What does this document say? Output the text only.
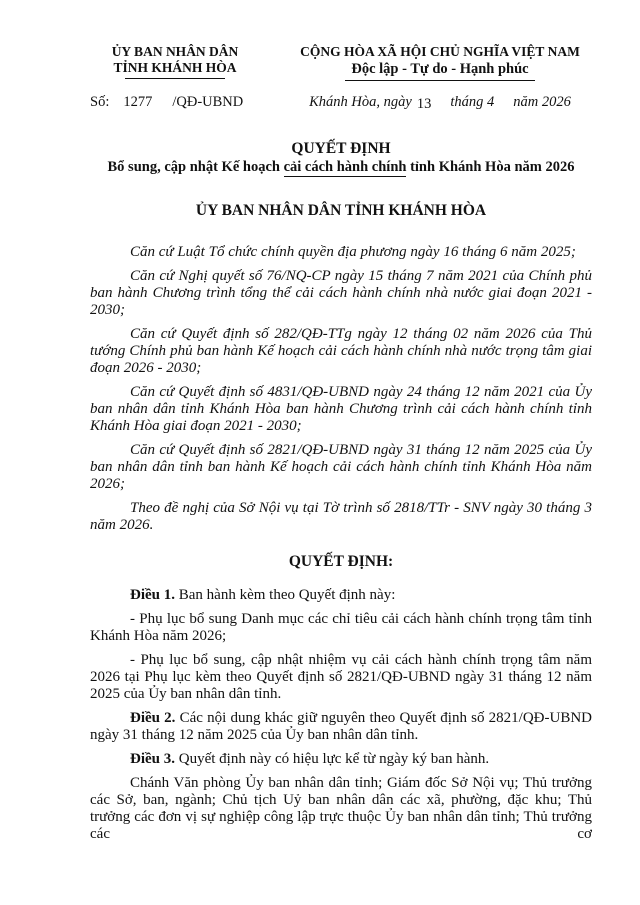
ỦY BAN NHÂN DÂN
TỈNH KHÁNH HÒA
CỘNG HÒA XÃ HỘI CHỦ NGHĨA VIỆT NAM
Độc lập - Tự do - Hạnh phúc
Số: 1277 /QĐ-UBND	Khánh Hòa, ngày 13 tháng 4 năm 2026
QUYẾT ĐỊNH
Bổ sung, cập nhật Kế hoạch cải cách hành chính tỉnh Khánh Hòa năm 2026
ỦY BAN NHÂN DÂN TỈNH KHÁNH HÒA

Căn cứ Luật Tổ chức chính quyền địa phương ngày 16 tháng 6 năm 2025;

Căn cứ Nghị quyết số 76/NQ-CP ngày 15 tháng 7 năm 2021 của Chính phủ ban hành Chương trình tổng thể cải cách hành chính nhà nước giai đoạn 2021 - 2030;

Căn cứ Quyết định số 282/QĐ-TTg ngày 12 tháng 02 năm 2026 của Thủ tướng Chính phủ ban hành Kế hoạch cải cách hành chính nhà nước trọng tâm giai đoạn 2026 - 2030;

Căn cứ Quyết định số 4831/QĐ-UBND ngày 24 tháng 12 năm 2021 của Ủy ban nhân dân tỉnh Khánh Hòa ban hành Chương trình cải cách hành chính tỉnh Khánh Hòa giai đoạn 2021 - 2030;

Căn cứ Quyết định số 2821/QĐ-UBND ngày 31 tháng 12 năm 2025 của Ủy ban nhân dân tỉnh ban hành Kế hoạch cải cách hành chính tỉnh Khánh Hòa năm 2026;

Theo đề nghị của Sở Nội vụ tại Tờ trình số 2818/TTr - SNV ngày 30 tháng 3 năm 2026.

QUYẾT ĐỊNH:

Điều 1. Ban hành kèm theo Quyết định này:

- Phụ lục bổ sung Danh mục các chỉ tiêu cải cách hành chính trọng tâm tỉnh Khánh Hòa năm 2026;

- Phụ lục bổ sung, cập nhật nhiệm vụ cải cách hành chính trọng tâm năm 2026 tại Phụ lục kèm theo Quyết định số 2821/QĐ-UBND ngày 31 tháng 12 năm 2025 của Ủy ban nhân dân tỉnh.

Điều 2. Các nội dung khác giữ nguyên theo Quyết định số 2821/QĐ-UBND ngày 31 tháng 12 năm 2025 của Ủy ban nhân dân tỉnh.

Điều 3. Quyết định này có hiệu lực kể từ ngày ký ban hành.

Chánh Văn phòng Ủy ban nhân dân tỉnh; Giám đốc Sở Nội vụ; Thủ trưởng các Sở, ban, ngành; Chủ tịch Uỷ ban nhân dân các xã, phường, đặc khu; Thủ trưởng các đơn vị sự nghiệp công lập trực thuộc Ủy ban nhân dân tỉnh; Thủ trưởng các cơ
